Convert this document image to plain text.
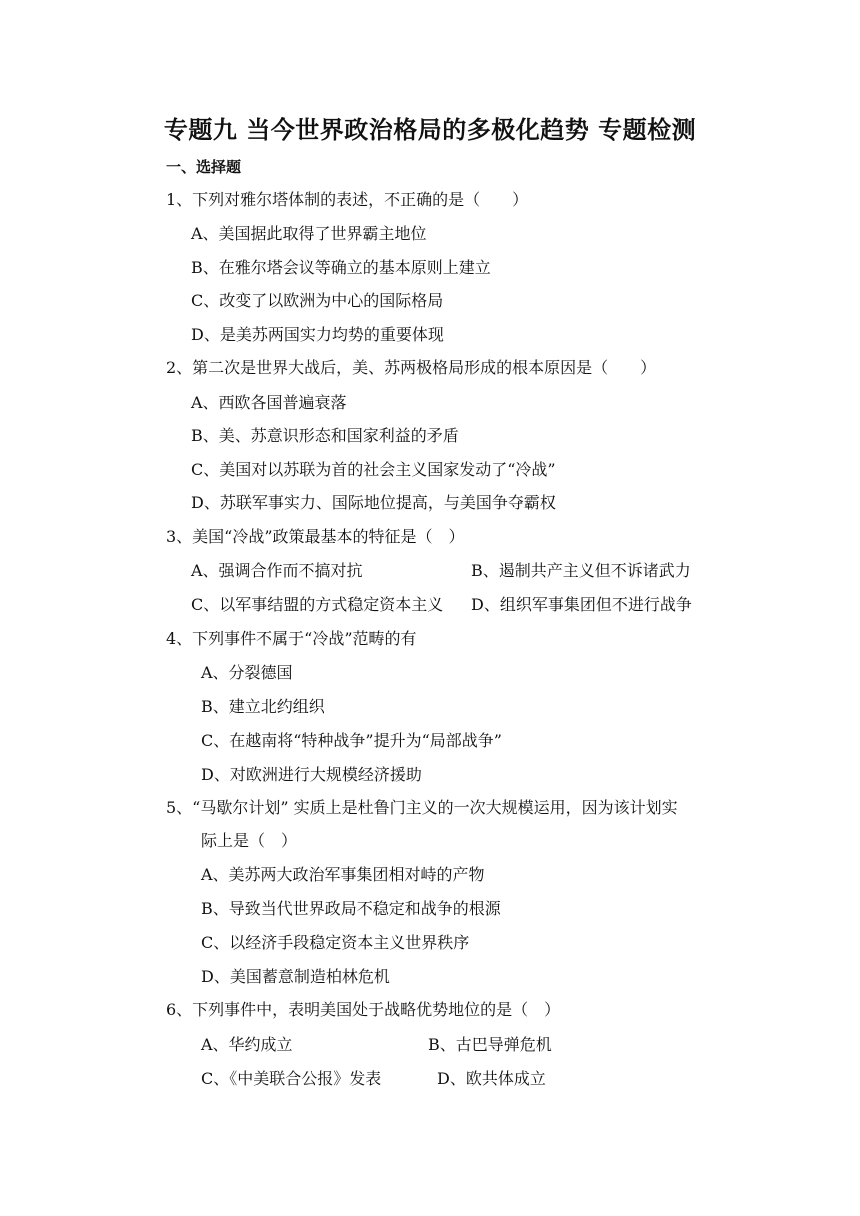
专题九 当今世界政治格局的多极化趋势 专题检测
一、选择题
1、下列对雅尔塔体制的表述，不正确的是（　　）
A、美国据此取得了世界霸主地位
B、在雅尔塔会议等确立的基本原则上建立
C、改变了以欧洲为中心的国际格局
D、是美苏两国实力均势的重要体现
2、第二次是世界大战后，美、苏两极格局形成的根本原因是（　　）
A、西欧各国普遍衰落
B、美、苏意识形态和国家利益的矛盾
C、美国对以苏联为首的社会主义国家发动了“冷战”
D、苏联军事实力、国际地位提高，与美国争夺霸权
3、美国“冷战”政策最基本的特征是（　）
A、强调合作而不搞对抗	B、遏制共产主义但不诉诸武力
C、以军事结盟的方式稳定资本主义 D、组织军事集团但不进行战争
4、下列事件不属于“冷战”范畴的有
A、分裂德国
B、建立北约组织
C、在越南将“特种战争”提升为“局部战争”
D、对欧洲进行大规模经济援助
5、“马歇尔计划” 实质上是杜鲁门主义的一次大规模运用，因为该计划实
际上是（　）
A、美苏两大政治军事集团相对峙的产物
B、导致当代世界政局不稳定和战争的根源
C、以经济手段稳定资本主义世界秩序
D、美国蓄意制造柏林危机
6、下列事件中，表明美国处于战略优势地位的是（　）
A、华约成立	B、古巴导弹危机
C、《中美联合公报》发表	D、欧共体成立
